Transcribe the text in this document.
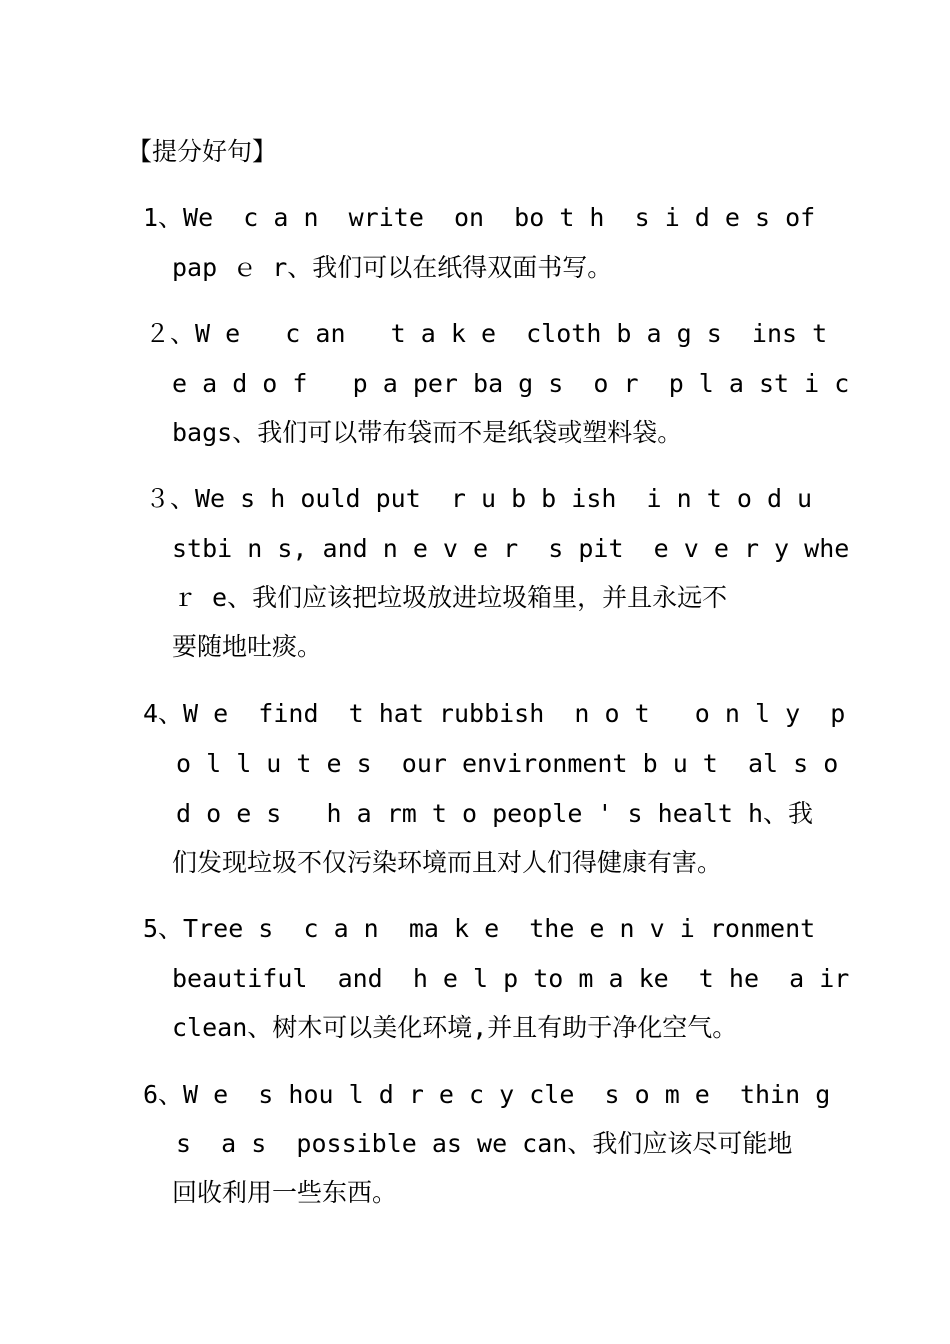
【提分好句】
1、We  c a n  write  on  bo t h  s i d e s of
pap ｅ r、我们可以在纸得双面书写。
２、W e   c an   t a k e  cloth b a g s  ins t
e a d o f   p a per ba g s  o r  p l a st i c
bags、我们可以带布袋而不是纸袋或塑料袋。
３、We s h ould put  r u b b ish  i n t o d u
stbi n s, and n e v e r  s pit  e v e r y whe
ｒ e、我们应该把垃圾放进垃圾箱里，并且永远不
要随地吐痰。
4、W e  find  t hat rubbish  n o t   o n l y  p
o l l u t e s  our environment b u t  al s o
d o e s   h a rm t o people ' s healt h、我
们发现垃圾不仅污染环境而且对人们得健康有害。
5、Tree s  c a n  ma k e  the e n v i ronment
beautiful  and  h e l p to m a ke  t he  a ir
clean、树木可以美化环境,并且有助于净化空气。
6、W e  s hou l d r e c y cle  s o m e  thin g
s  a s  possible as we can、我们应该尽可能地
回收利用一些东西。
